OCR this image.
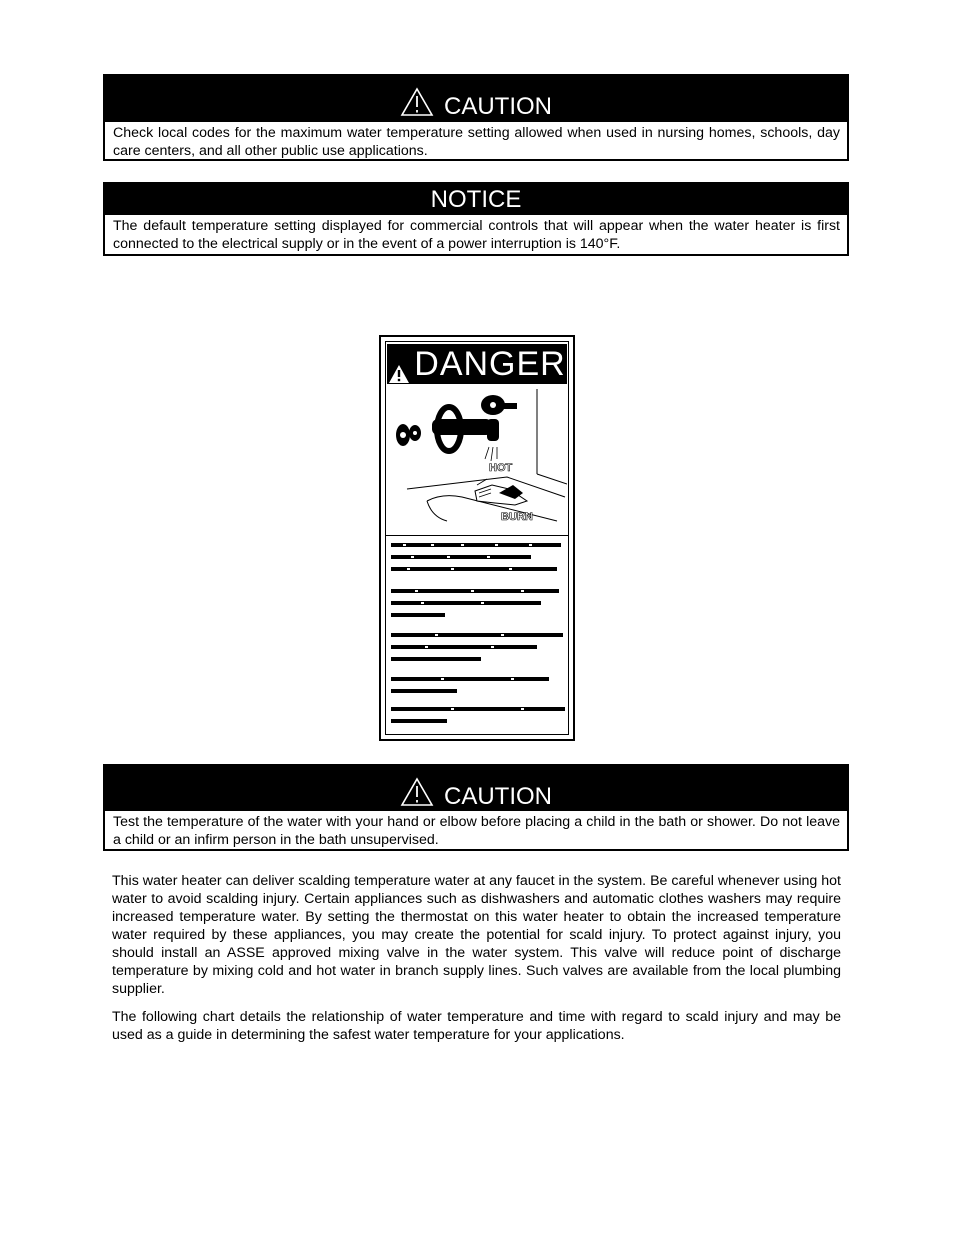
CAUTION
Check local codes for the maximum water temperature setting allowed when used in nursing homes, schools, day care centers, and all other public use applications.
NOTICE
The default temperature setting displayed for commercial controls that will appear when the water heater is first connected to the electrical supply or in the event of a power interruption is 140°F.
DANGER
HOT
BURN
CAUTION
Test the temperature of the water with your hand or elbow before placing a child in the bath or shower. Do not leave a child or an infirm person in the bath unsupervised.

This water heater can deliver scalding temperature water at any faucet in the system. Be careful whenever using hot water to avoid scalding injury. Certain appliances such as dishwashers and automatic clothes washers may require increased temperature water. By setting the thermostat on this water heater to obtain the increased temperature water required by these appliances, you may create the potential for scald injury. To protect against injury, you should install an ASSE approved mixing valve in the water system. This valve will reduce point of discharge temperature by mixing cold and hot water in branch supply lines. Such valves are available from the local plumbing supplier.

The following chart details the relationship of water temperature and time with regard to scald injury and may be used as a guide in determining the safest water temperature for your applications.
